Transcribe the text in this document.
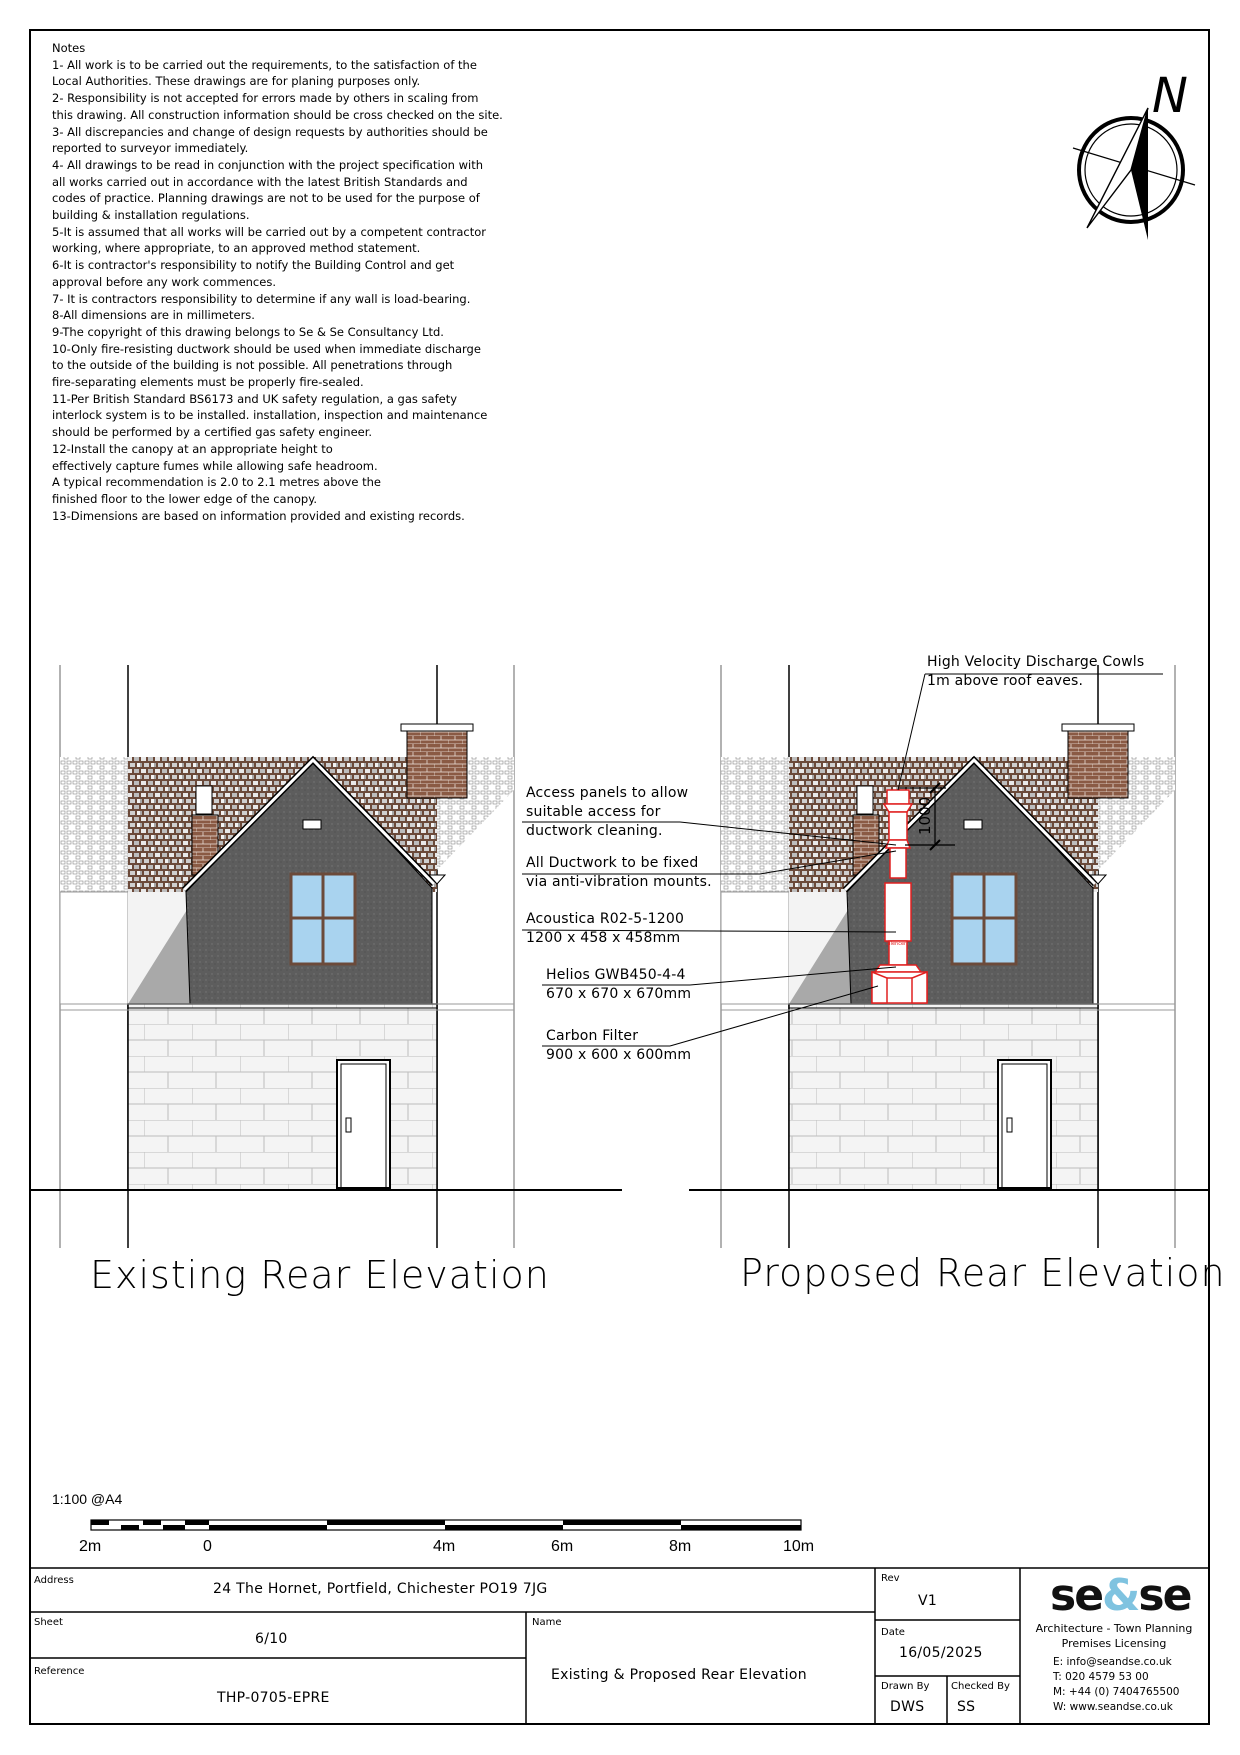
Notes
1- All work is to be carried out the requirements, to the satisfaction of the
Local Authorities. These drawings are for planing purposes only.
2- Responsibility is not accepted for errors made by others in scaling from
this drawing. All construction information should be cross checked on the site.
3- All discrepancies and change of design requests by authorities should be
reported to surveyor immediately.
4- All drawings to be read in conjunction with the project specification with
all works carried out in accordance with the latest British Standards and
codes of practice. Planning drawings are not to be used for the purpose of
building & installation regulations.
5-It is assumed that all works will be carried out by a competent contractor
working, where appropriate, to an approved method statement.
6-It is contractor's responsibility to notify the Building Control and get
approval before any work commences.
7- It is contractors responsibility to determine if any wall is load-bearing.
8-All dimensions are in millimeters.
9-The copyright of this drawing belongs to Se & Se Consultancy Ltd.
10-Only fire-resisting ductwork should be used when immediate discharge
to the outside of the building is not possible. All penetrations through
fire-separating elements must be properly fire-sealed.
11-Per British Standard BS6173 and UK safety regulation, a gas safety
interlock system is to be installed. installation, inspection and maintenance
should be performed by a certified gas safety engineer.
12-Install the canopy at an appropriate height to
effectively capture fumes while allowing safe headroom.
A typical recommendation is 2.0 to 2.1 metres above the
finished floor to the lower edge of the canopy.
13-Dimensions are based on information provided and existing records.
N
Silencer
1000
High Velocity Discharge Cowls
1m above roof eaves.
Access panels to allow
suitable access for
ductwork cleaning.
All Ductwork to be fixed
via anti-vibration mounts.
Acoustica R02-5-1200
1200 x 458 x 458mm
Helios GWB450-4-4
670 x 670 x 670mm
Carbon Filter
900 x 600 x 600mm
Existing Rear Elevation	Proposed Rear Elevation
1:100 @A4
2m	0	4m	6m	8m	10m
Address
24 The Hornet, Portfield, Chichester PO19 7JG
Sheet
6/10
Reference
THP-0705-EPRE
Name
Existing & Proposed Rear Elevation
Rev
V1
Date
16/05/2025
Drawn By
DWS
Checked By
SS
se&se
Architecture - Town Planning
Premises Licensing
E: info@seandse.co.uk
T: 020 4579 53 00
M: +44 (0) 7404765500
W: www.seandse.co.uk
